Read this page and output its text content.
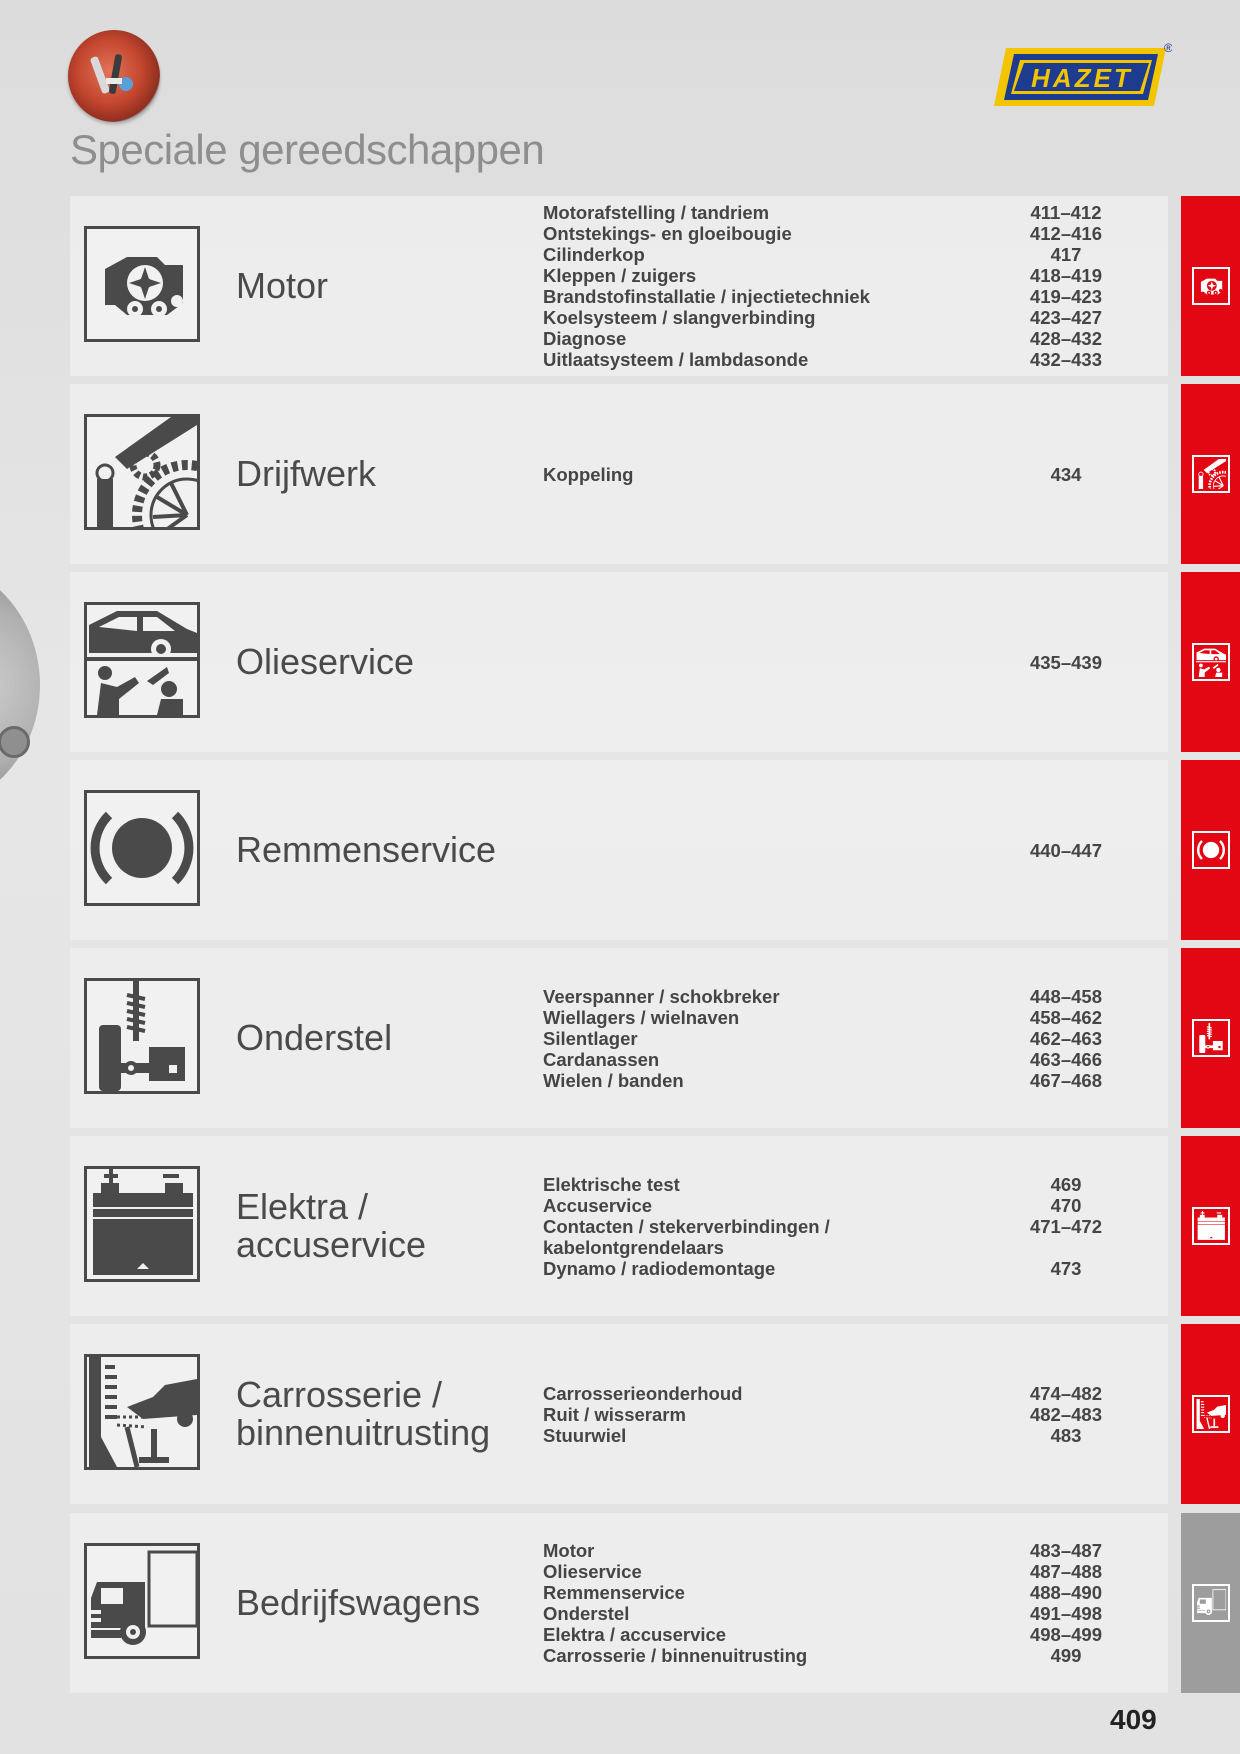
HAZET
®
Speciale gereedschappen
Motor
Motorafstelling / tandriem	411–412
Ontstekings- en gloeibougie	412–416
Cilinderkop	417
Kleppen / zuigers	418–419
Brandstofinstallatie / injectietechniek	419–423
Koelsysteem / slangverbinding	423–427
Diagnose	428–432
Uitlaatsysteem / lambdasonde	432–433
Drijfwerk	Koppeling	434
Olieservice	435–439
Remmenservice	440–447
Onderstel
Veerspanner / schokbreker	448–458
Wiellagers / wielnaven	458–462
Silentlager	462–463
Cardanassen	463–466
Wielen / banden	467–468
Elektra /
accuservice
Elektrische test	469
Accuservice	470
Contacten / stekerverbindingen /	471–472
kabelontgrendelaars
Dynamo / radiodemontage	473
Carrosserie /
binnenuitrusting
Carrosserieonderhoud	474–482
Ruit / wisserarm	482–483
Stuurwiel	483
Bedrijfswagens
Motor	483–487
Olieservice	487–488
Remmenservice	488–490
Onderstel	491–498
Elektra / accuservice	498–499
Carrosserie / binnenuitrusting	499
409
